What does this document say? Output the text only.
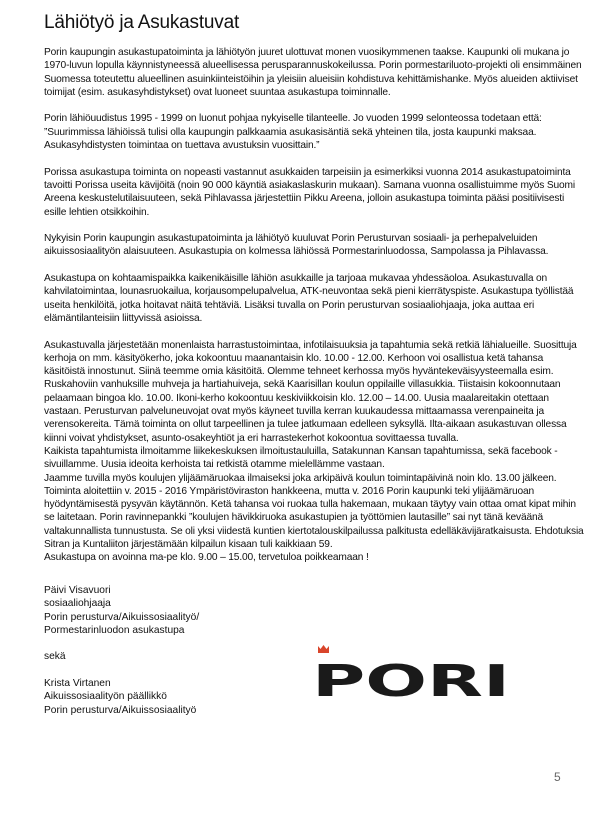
Lähiötyö ja Asukastuvat

Porin kaupungin asukastupatoiminta ja lähiötyön juuret ulottuvat monen vuosikymmenen taakse. Kaupunki oli mukana jo 1970-luvun lopulla käynnistyneessä alueellisessa perusparannuskokeilussa. Porin pormestariluoto-projekti oli ensimmäinen Suomessa toteutettu alueellinen asuinkiinteistöihin ja yleisiin alueisiin kohdistuva kehittämishanke. Myös alueiden aktiiviset toimijat (esim. asukasyhdistykset) ovat luoneet suuntaa asukastupa toiminnalle.

Porin lähiöuudistus 1995 - 1999 on luonut pohjaa nykyiselle tilanteelle. Jo vuoden 1999 selonteossa todetaan että: ”Suurimmissa lähiöissä tulisi olla kaupungin palkkaamia asukasisäntiä sekä yhteinen tila, josta kaupunki maksaa. Asukasyhdistysten toimintaa on tuettava avustuksin vuosittain.”

Porissa asukastupa toiminta on nopeasti vastannut asukkaiden tarpeisiin ja esimerkiksi vuonna 2014 asukastupatoiminta tavoitti Porissa useita kävijöitä (noin 90 000 käyntiä asiakaslaskurin mukaan). Samana vuonna osallistuimme myös Suomi Areena keskustelutilaisuuteen, sekä Pihlavassa järjestettiin Pikku Areena, jolloin asukastupa toiminta pääsi positiivisesti esille lehtien otsikkoihin.

Nykyisin Porin kaupungin asukastupatoiminta ja lähiötyö kuuluvat Porin Perusturvan sosiaali- ja perhepalveluiden aikuissosiaalityön alaisuuteen. Asukastupia on kolmessa lähiössä Pormestarinluodossa, Sampolassa ja Pihlavassa.

Asukastupa on kohtaamispaikka kaikenikäisille lähiön asukkaille ja tarjoaa mukavaa yhdessäoloa. Asukastuvalla on kahvilatoimintaa, lounasruokailua, korjausompelupalvelua, ATK-neuvontaa sekä pieni kierrätyspiste. Asukastupa työllistää useita henkilöitä, jotka hoitavat näitä tehtäviä. Lisäksi tuvalla on Porin perusturvan sosiaaliohjaaja, joka auttaa eri elämäntilanteisiin liittyvissä asioissa.

Asukastuvalla järjestetään monenlaista harrastustoimintaa, infotilaisuuksia ja tapahtumia sekä retkiä lähialueille. Suosittuja kerhoja on mm. käsityökerho, joka kokoontuu maanantaisin klo. 10.00 - 12.00. Kerhoon voi osallistua ketä tahansa käsitöistä innostunut. Siinä teemme omia käsitöitä. Olemme tehneet kerhossa myös hyväntekeväisyysteemalla esim. Ruskahoviin vanhuksille muhveja ja hartiahuiveja, sekä Kaarisillan koulun oppilaille villasukkia. Tiistaisin kokoonnutaan pelaamaan bingoa klo. 10.00. Ikoni-kerho kokoontuu keskiviikkoisin klo. 12.00 – 14.00. Uusia maalareitakin otettaan vastaan. Perusturvan palveluneuvojat ovat myös käyneet tuvilla kerran kuukaudessa mittaamassa verenpaineita ja verensokereita. Tämä toiminta on ollut tarpeellinen ja tulee jatkumaan edelleen syksyllä. Ilta-aikaan asukastuvan ollessa kiinni voivat yhdistykset, asunto-osakeyhtiöt ja eri harrastekerhot kokoontua sovittaessa tuvalla.

Kaikista tapahtumista ilmoitamme liikekeskuksen ilmoitustauluilla, Satakunnan Kansan tapahtumissa, sekä facebook -sivuillamme. Uusia ideoita kerhoista tai retkistä otamme mielellämme vastaan.

Jaamme tuvilla myös koulujen ylijäämäruokaa ilmaiseksi joka arkipäivä koulun toimintapäivinä noin klo. 13.00 jälkeen. Toiminta aloitettiin v. 2015 - 2016 Ympäristöviraston hankkeena, mutta v. 2016 Porin kaupunki teki ylijäämäruoan hyödyntämisestä pysyvän käytännön. Ketä tahansa voi ruokaa tulla hakemaan, mukaan täytyy vain ottaa omat kipat mihin se laitetaan. Porin ravinnepankki ”koulujen hävikkiruoka asukastupien ja työttömien lautasille” sai nyt tänä keväänä valtakunnallista tunnustusta. Se oli yksi viidestä kuntien kiertotalouskilpailussa palkitusta edelläkävijäratkaisusta. Ehdotuksia Sitran ja Kuntaliiton järjestämään kilpailun kisaan tuli kaikkiaan 59.

Asukastupa on avoinna ma-pe klo. 9.00 – 15.00, tervetuloa poikkeamaan !

Päivi Visavuori
sosiaaliohjaaja
Porin perusturva/Aikuissosiaalityö/
Pormestarinluodon asukastupa
sekä
Krista Virtanen
Aikuissosiaalityön päällikkö
Porin perusturva/Aikuissosiaalityö
PORI
5
